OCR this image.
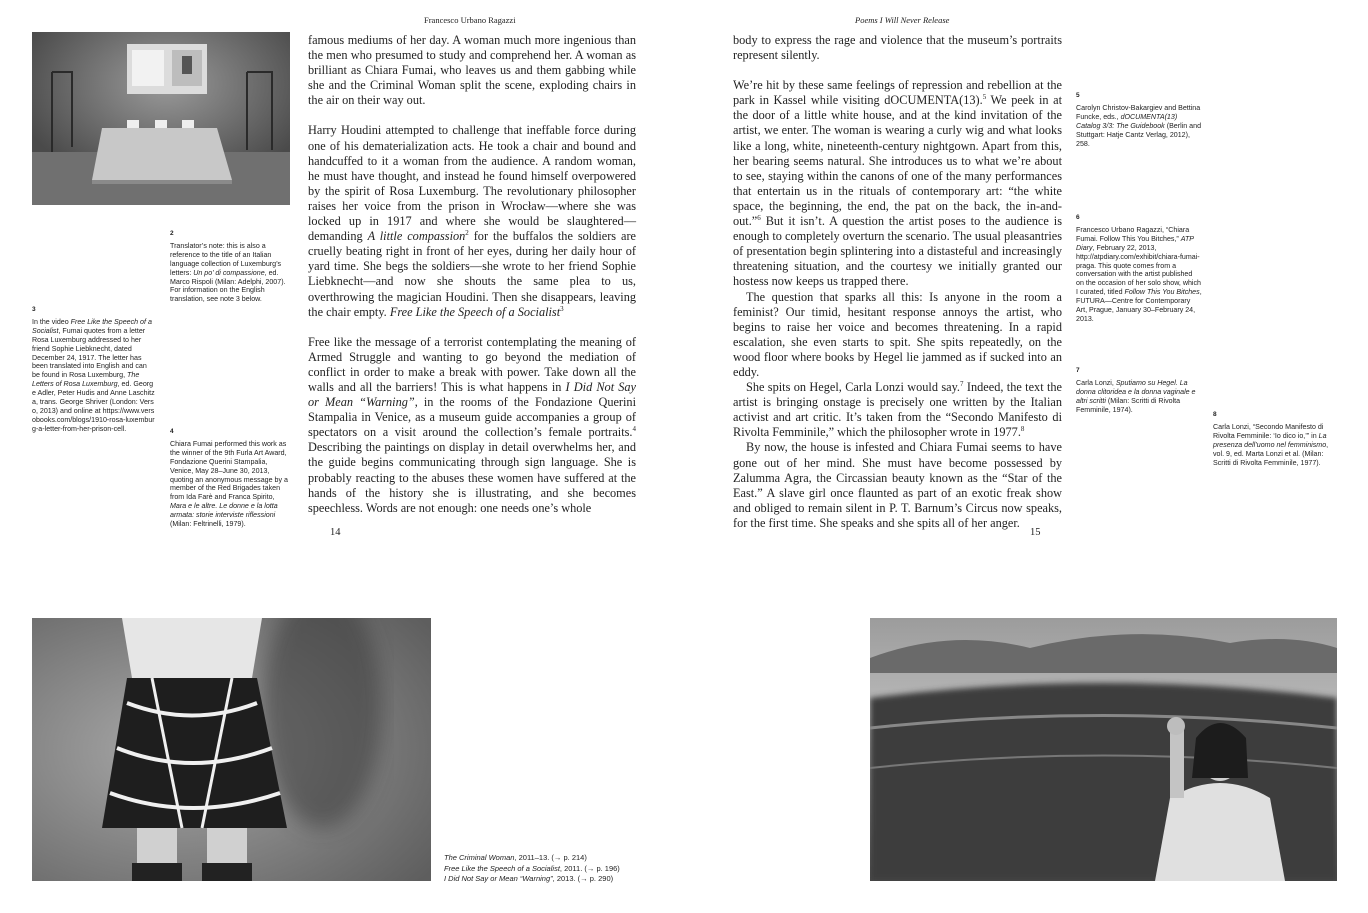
Francesco Urbano Ragazzi	Poems I Will Never Release
2
Translator’s note: this is also a reference to the title of an Italian language collection of Luxemburg’s letters: Un po’ di compassione, ed. Marco Rispoli (Milan: Adelphi, 2007). For information on the English translation, see note 3 below.
3
In the video Free Like the Speech of a Socialist, Fumai quotes from a letter Rosa Luxemburg addressed to her friend Sophie Liebknecht, dated December 24, 1917. The letter has been translated into English and can be found in Rosa Luxemburg, The Letters of Rosa Luxemburg, ed. George Adler, Peter Hudis and Anne Laschitza, trans. George Shriver (London: Verso, 2013) and online at https://www.versobooks.com/blogs/1910-rosa-luxemburg-a-letter-from-her-prison-cell.	4
Chiara Fumai performed this work as the winner of the 9th Furla Art Award, Fondazione Querini Stampalia, Venice, May 28–June 30, 2013, quoting an anonymous message by a member of the Red Brigades taken from Ida Farè and Franca Spirito, Mara e le altre. Le donne e la lotta armata: storie interviste riflessioni (Milan: Feltrinelli, 1979).

famous mediums of her day. A woman much more ingenious than the men who presumed to study and comprehend her. A woman as brilliant as Chiara Fumai, who leaves us and them gabbing while she and the Criminal Woman split the scene, exploding chairs in the air on their way out.

Harry Houdini attempted to challenge that ineffable force during one of his dematerialization acts. He took a chair and bound and handcuffed to it a woman from the audience. A random woman, he must have thought, and instead he found himself overpowered by the spirit of Rosa Luxemburg. The revolutionary philosopher raises her voice from the prison in Wrocław—where she was locked up in 1917 and where she would be slaughtered—demanding A little compassion$^2$ for the buffalos the soldiers are cruelly beating right in front of her eyes, during her daily hour of yard time. She begs the soldiers—she wrote to her friend Sophie Liebknecht—and now she shouts the same plea to us, overthrowing the magician Houdini. Then she disappears, leaving the chair empty. Free Like the Speech of a Socialist$^3$

Free like the message of a terrorist contemplating the meaning of Armed Struggle and wanting to go beyond the mediation of conflict in order to make a break with power. Take down all the walls and all the barriers! This is what happens in I Did Not Say or Mean “Warning”, in the rooms of the Fondazione Querini Stampalia in Venice, as a museum guide accompanies a group of spectators on a visit around the collection’s female portraits.$^4$ Describing the paintings on display in detail overwhelms her, and the guide begins communicating through sign language. She is probably reacting to the abuses these women have suffered at the hands of the history she is illustrating, and she becomes speechless. Words are not enough: one needs one’s whole

14

body to express the rage and violence that the museum’s portraits represent silently.

We’re hit by these same feelings of repression and rebellion at the park in Kassel while visiting dOCUMENTA(13).$^5$ We peek in at the door of a little white house, and at the kind invitation of the artist, we enter. The woman is wearing a curly wig and what looks like a long, white, nineteenth-century nightgown. Apart from this, her bearing seems natural. She introduces us to what we’re about to see, staying within the canons of one of the many performances that entertain us in the rituals of contemporary art: “the white space, the beginning, the end, the pat on the back, the in-and-out.”$^6$ But it isn’t. A question the artist poses to the audience is enough to completely overturn the scenario. The usual pleasantries of presentation begin splintering into a distasteful and increasingly threatening situation, and the courtesy we initially granted our hostess now keeps us trapped there.

The question that sparks all this: Is anyone in the room a feminist? Our timid, hesitant response annoys the artist, who begins to raise her voice and becomes threatening. In a rapid escalation, she even starts to spit. She spits repeatedly, on the wood floor where books by Hegel lie jammed as if sucked into an eddy.

She spits on Hegel, Carla Lonzi would say.$^7$ Indeed, the text the artist is bringing onstage is precisely one written by the Italian activist and art critic. It’s taken from the “Secondo Manifesto di Rivolta Femminile,” which the philosopher wrote in 1977.$^8$

By now, the house is infested and Chiara Fumai seems to have gone out of her mind. She must have become possessed by Zalumma Agra, the Circassian beauty known as the “Star of the East.” A slave girl once flaunted as part of an exotic freak show and obliged to remain silent in P. T. Barnum’s Circus now speaks, for the first time. She speaks and she spits all of her anger.

15
5
Carolyn Christov-Bakargiev and Bettina Funcke, eds., dOCUMENTA(13) Catalog 3/3: The Guidebook (Berlin and Stuttgart: Hatje Cantz Verlag, 2012), 258.
6
Francesco Urbano Ragazzi, “Chiara Fumai. Follow This You Bitches,” ATP Diary, February 22, 2013, http://atpdiary.com/exhibit/chiara-fumai-praga. This quote comes from a conversation with the artist published on the occasion of her solo show, which I curated, titled Follow This You Bitches, FUTURA—Centre for Contemporary Art, Prague, January 30–February 24, 2013.
7
Carla Lonzi, Sputiamo su Hegel. La donna clitoridea e la donna vaginale e altri scritti (Milan: Scritti di Rivolta Femminile, 1974).
8
Carla Lonzi, “Secondo Manifesto di Rivolta Femminile: ‘Io dico io,’” in La presenza dell’uomo nel femminismo, vol. 9, ed. Marta Lonzi et al. (Milan: Scritti di Rivolta Femminile, 1977).
The Criminal Woman, 2011–13. (→ p. 214)
Free Like the Speech of a Socialist, 2011. (→ p. 196)
I Did Not Say or Mean “Warning”, 2013. (→ p. 290)
